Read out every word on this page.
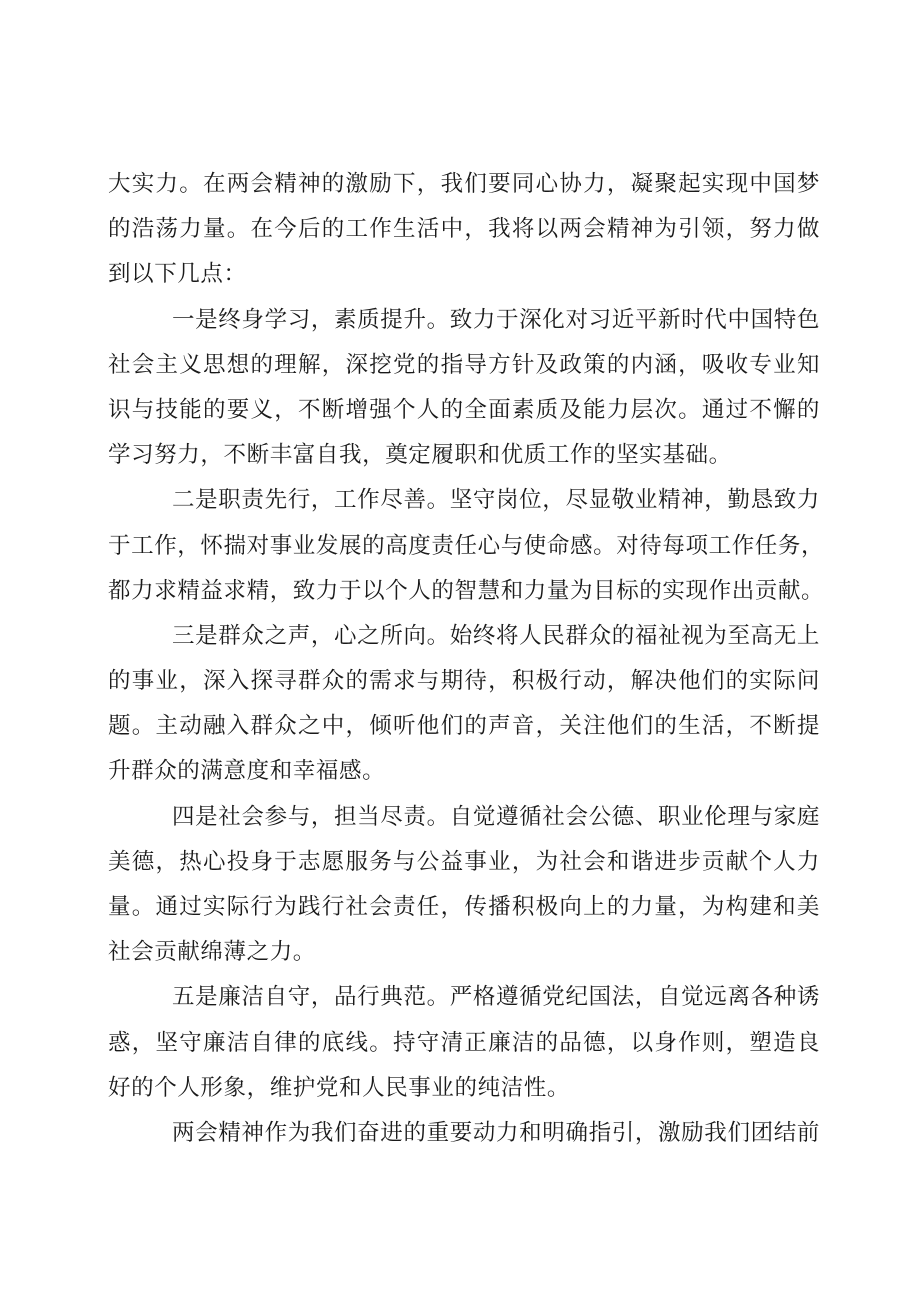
大实力。在两会精神的激励下，我们要同心协力，凝聚起实现中国梦
的浩荡力量。在今后的工作生活中，我将以两会精神为引领，努力做
到以下几点：
一是终身学习，素质提升。致力于深化对习近平新时代中国特色
社会主义思想的理解，深挖党的指导方针及政策的内涵，吸收专业知
识与技能的要义，不断增强个人的全面素质及能力层次。通过不懈的
学习努力，不断丰富自我，奠定履职和优质工作的坚实基础。
二是职责先行，工作尽善。坚守岗位，尽显敬业精神，勤恳致力
于工作，怀揣对事业发展的高度责任心与使命感。对待每项工作任务，
都力求精益求精，致力于以个人的智慧和力量为目标的实现作出贡献。
三是群众之声，心之所向。始终将人民群众的福祉视为至高无上
的事业，深入探寻群众的需求与期待，积极行动，解决他们的实际问
题。主动融入群众之中，倾听他们的声音，关注他们的生活，不断提
升群众的满意度和幸福感。
四是社会参与，担当尽责。自觉遵循社会公德、职业伦理与家庭
美德，热心投身于志愿服务与公益事业，为社会和谐进步贡献个人力
量。通过实际行为践行社会责任，传播积极向上的力量，为构建和美
社会贡献绵薄之力。
五是廉洁自守，品行典范。严格遵循党纪国法，自觉远离各种诱
惑，坚守廉洁自律的底线。持守清正廉洁的品德，以身作则，塑造良
好的个人形象，维护党和人民事业的纯洁性。
两会精神作为我们奋进的重要动力和明确指引，激励我们团结前
